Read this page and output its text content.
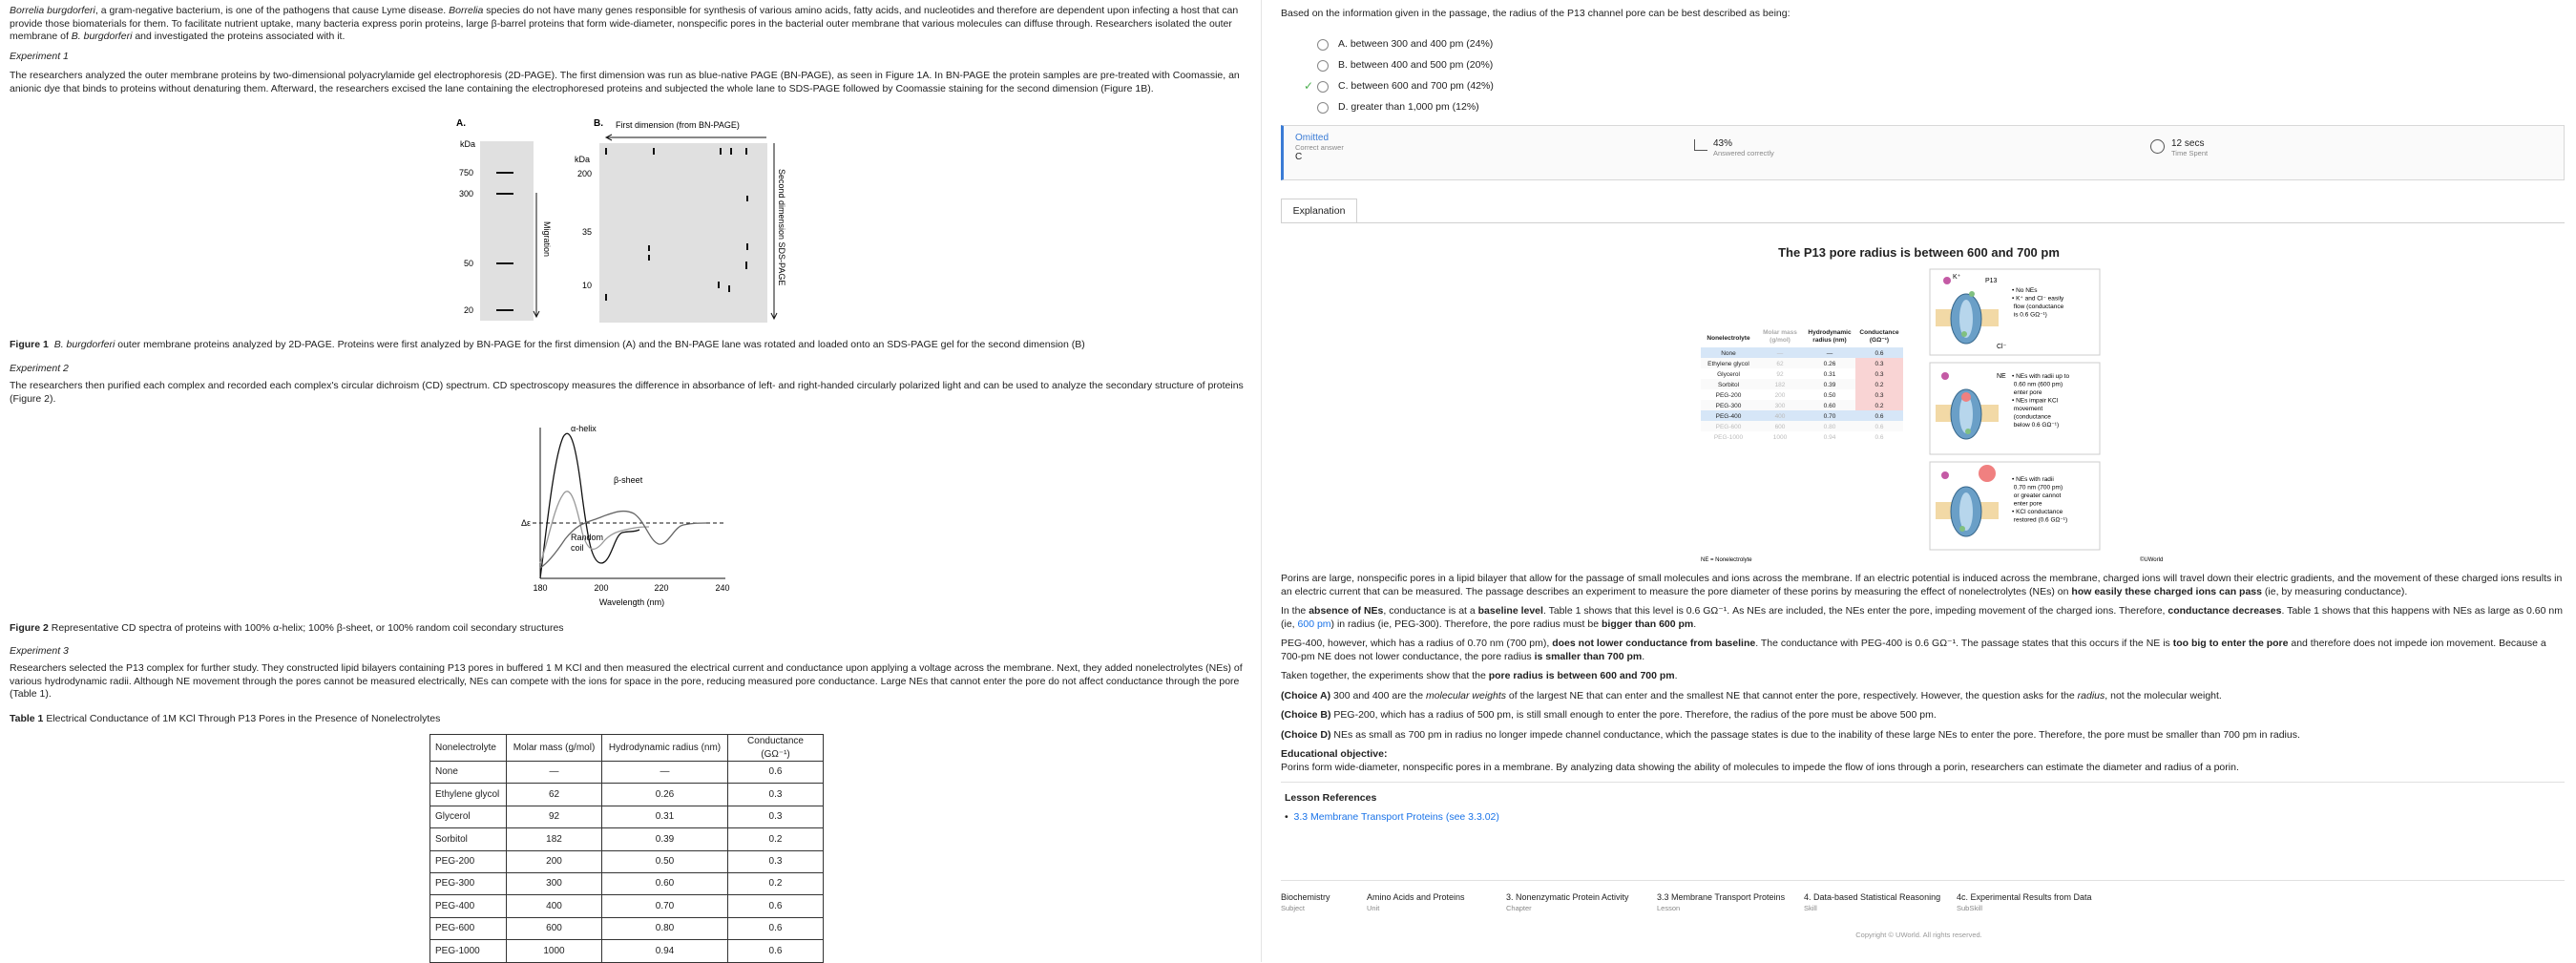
Borrelia burgdorferi, a gram-negative bacterium, is one of the pathogens that cause Lyme disease. Borrelia species do not have many genes responsible for synthesis of various amino acids, fatty acids, and nucleotides and therefore are dependent upon infecting a host that can provide those biomaterials for them. To facilitate nutrient uptake, many bacteria express porin proteins, large β-barrel proteins that form wide-diameter, nonspecific pores in the bacterial outer membrane that various molecules can diffuse through. Researchers isolated the outer membrane of B. burgdorferi and investigated the proteins associated with it.

Experiment 1

The researchers analyzed the outer membrane proteins by two-dimensional polyacrylamide gel electrophoresis (2D-PAGE). The first dimension was run as blue-native PAGE (BN-PAGE), as seen in Figure 1A. In BN-PAGE the protein samples are pre-treated with Coomassie, an anionic dye that binds to proteins without denaturing them. Afterward, the researchers excised the lane containing the electrophoresed proteins and subjected the whole lane to SDS-PAGE followed by Coomassie staining for the second dimension (Figure 1B).

A.
kDa
750
300
50
20
Migration
B. First dimension (from BN-PAGE)
kDa
200
35
10	Second dimension SDS-PAGE

Figure 1 B. burgdorferi outer membrane proteins analyzed by 2D-PAGE. Proteins were first analyzed by BN-PAGE for the first dimension (A) and the BN-PAGE lane was rotated and loaded onto an SDS-PAGE gel for the second dimension (B)

Experiment 2

The researchers then purified each complex and recorded each complex's circular dichroism (CD) spectrum. CD spectroscopy measures the difference in absorbance of left- and right-handed circularly polarized light and can be used to analyze the secondary structure of proteins (Figure 2).

α-helix
β-sheet
Random
coil
Δε
180	200	220	240
Wavelength (nm)

Figure 2 Representative CD spectra of proteins with 100% α-helix; 100% β-sheet, or 100% random coil secondary structures

Experiment 3

Researchers selected the P13 complex for further study. They constructed lipid bilayers containing P13 pores in buffered 1 M KCl and then measured the electrical current and conductance upon applying a voltage across the membrane. Next, they added nonelectrolytes (NEs) of various hydrodynamic radii. Although NE movement through the pores cannot be measured electrically, NEs can compete with the ions for space in the pore, reducing measured pore conductance. Large NEs that cannot enter the pore do not affect conductance through the pore (Table 1).

Table 1 Electrical Conductance of 1M KCl Through P13 Pores in the Presence of Nonelectrolytes

Nonelectrolyte	Molar mass (g/mol)	Hydrodynamic radius (nm)	Conductance (GΩ⁻¹)
None	—	—	0.6
Ethylene glycol	62	0.26	0.3
Glycerol	92	0.31	0.3
Sorbitol	182	0.39	0.2
PEG-200	200	0.50	0.3
PEG-300	300	0.60	0.2
PEG-400	400	0.70	0.6
PEG-600	600	0.80	0.6
PEG-1000	1000	0.94	0.6

Based on the information given in the passage, the radius of the P13 channel pore can be best described as being:

A. between 300 and 400 pm (24%)
B. between 400 and 500 pm (20%)
✓ C. between 600 and 700 pm (42%)
D. greater than 1,000 pm (12%)
Omitted
Correct answer
C
43%
Answered correctly
12 secs
Time Spent
Explanation
The P13 pore radius is between 600 and 700 pm
Nonelectrolyte
Molar mass
(g/mol)
Hydrodynamic
radius (nm)
Conductance
(GΩ⁻¹)
None	—	—	0.6
Ethylene glycol	62	0.26	0.3
Glycerol	92	0.31	0.3
Sorbitol	182	0.39	0.2
PEG-200	200	0.50	0.3
PEG-300	300	0.60	0.2
PEG-400	400	0.70	0.6
PEG-600	600	0.80	0.6
PEG-1000	1000	0.94	0.6
NE = Nonelectrolyte	©UWorld
K⁺
P13
Cl⁻
• No NEs • K⁺ and Cl⁻ easily flow (conductance is 0.6 GΩ⁻¹)
NE • NEs with radii up to 0.60 nm (600 pm) enter pore • NEs impair KCl movement (conductance below 0.6 GΩ⁻¹)
• NEs with radii 0.70 nm (700 pm) or greater cannot enter pore • KCl conductance restored (0.6 GΩ⁻¹)

Porins are large, nonspecific pores in a lipid bilayer that allow for the passage of small molecules and ions across the membrane. If an electric potential is induced across the membrane, charged ions will travel down their electric gradients, and the movement of these charged ions results in an electric current that can be measured. The passage describes an experiment to measure the pore diameter of these porins by measuring the effect of nonelectrolytes (NEs) on how easily these charged ions can pass (ie, by measuring conductance).

In the absence of NEs, conductance is at a baseline level. Table 1 shows that this level is 0.6 GΩ⁻¹. As NEs are included, the NEs enter the pore, impeding movement of the charged ions. Therefore, conductance decreases. Table 1 shows that this happens with NEs as large as 0.60 nm (ie, 600 pm) in radius (ie, PEG-300). Therefore, the pore radius must be bigger than 600 pm.

PEG-400, however, which has a radius of 0.70 nm (700 pm), does not lower conductance from baseline. The conductance with PEG-400 is 0.6 GΩ⁻¹. The passage states that this occurs if the NE is too big to enter the pore and therefore does not impede ion movement. Because a 700-pm NE does not lower conductance, the pore radius is smaller than 700 pm.

Taken together, the experiments show that the pore radius is between 600 and 700 pm.

(Choice A) 300 and 400 are the molecular weights of the largest NE that can enter and the smallest NE that cannot enter the pore, respectively. However, the question asks for the radius, not the molecular weight.

(Choice B) PEG-200, which has a radius of 500 pm, is still small enough to enter the pore. Therefore, the radius of the pore must be above 500 pm.

(Choice D) NEs as small as 700 pm in radius no longer impede channel conductance, which the passage states is due to the inability of these large NEs to enter the pore. Therefore, the pore must be smaller than 700 pm in radius.

Educational objective:
Porins form wide-diameter, nonspecific pores in a membrane. By analyzing data showing the ability of molecules to impede the flow of ions through a porin, researchers can estimate the diameter and radius of a porin.
Lesson References
•  3.3 Membrane Transport Proteins (see 3.3.02)
Biochemistry
Subject
Amino Acids and Proteins
Unit
3. Nonenzymatic Protein Activity
Chapter
3.3 Membrane Transport Proteins
Lesson
4. Data-based Statistical Reasoning
Skill
4c. Experimental Results from Data
SubSkill
Copyright © UWorld. All rights reserved.
